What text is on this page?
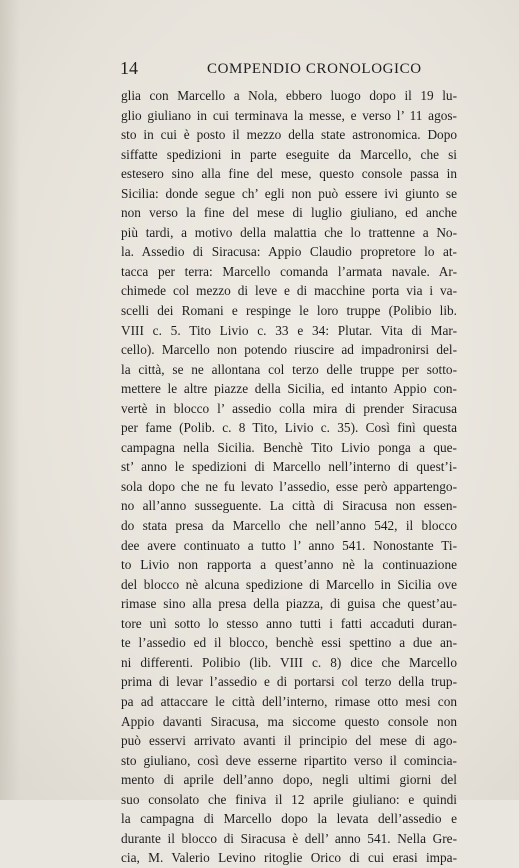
14	COMPENDIO CRONOLOGICO
glia con Marcello a Nola, ebbero luogo dopo il 19 lu-
glio giuliano in cui terminava la messe, e verso l’ 11 agos-
sto in cui è posto il mezzo della state astronomica. Dopo
siffatte spedizioni in parte eseguite da Marcello, che si
estesero sino alla fine del mese, questo console passa in
Sicilia: donde segue ch’ egli non può essere ivi giunto se
non verso la fine del mese di luglio giuliano, ed anche
più tardi, a motivo della malattia che lo trattenne a No-
la. Assedio di Siracusa: Appio Claudio propretore lo at-
tacca per terra: Marcello comanda l’armata navale. Ar-
chimede col mezzo di leve e di macchine porta via i va-
scelli dei Romani e respinge le loro truppe (Polibio lib.
VIII c. 5. Tito Livio c. 33 e 34: Plutar. Vita di Mar-
cello). Marcello non potendo riuscire ad impadronirsi del-
la città, se ne allontana col terzo delle truppe per sotto-
mettere le altre piazze della Sicilia, ed intanto Appio con-
vertè in blocco l’ assedio colla mira di prender Siracusa
per fame (Polib. c. 8 Tito, Livio c. 35). Così finì questa
campagna nella Sicilia. Benchè Tito Livio ponga a que-
st’ anno le spedizioni di Marcello nell’interno di quest’i-
sola dopo che ne fu levato l’assedio, esse però appartengo-
no all’anno susseguente. La città di Siracusa non essen-
do stata presa da Marcello che nell’anno 542, il blocco
dee avere continuato a tutto l’ anno 541. Nonostante Ti-
to Livio non rapporta a quest’anno nè la continuazione
del blocco nè alcuna spedizione di Marcello in Sicilia ove
rimase sino alla presa della piazza, di guisa che quest’au-
tore unì sotto lo stesso anno tutti i fatti accaduti duran-
te l’assedio ed il blocco, benchè essi spettino a due an-
ni differenti. Polibio (lib. VIII c. 8) dice che Marcello
prima di levar l’assedio e di portarsi col terzo della trup-
pa ad attaccare le città dell’interno, rimase otto mesi con
Appio davanti Siracusa, ma siccome questo console non
può esservi arrivato avanti il principio del mese di ago-
sto giuliano, così deve esserne ripartito verso il comincia-
mento di aprile dell’anno dopo, negli ultimi giorni del
suo consolato che finiva il 12 aprile giuliano: e quindi
la campagna di Marcello dopo la levata dell’assedio e
durante il blocco di Siracusa è dell’ anno 541. Nella Gre-
cia, M. Valerio Levino ritoglie Orico di cui erasi impa-
